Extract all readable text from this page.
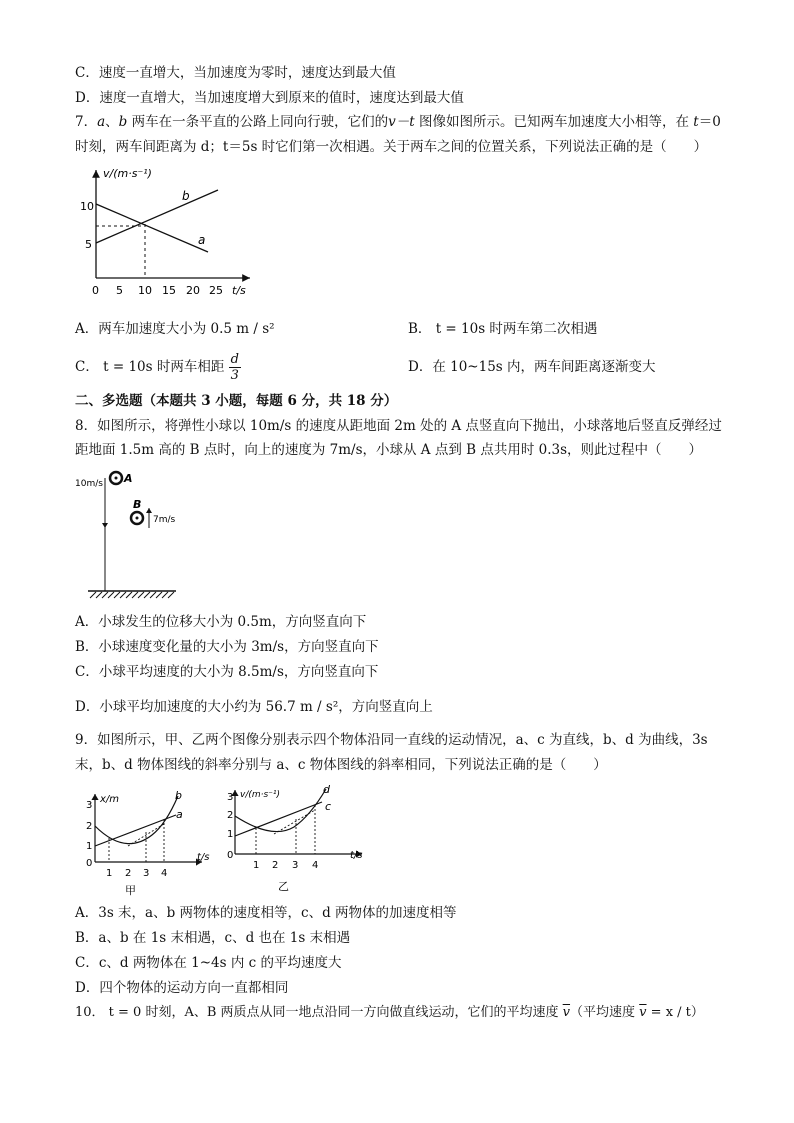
C．速度一直增大，当加速度为零时，速度达到最大值
D．速度一直增大，当加速度增大到原来的值时，速度达到最大值
7．a、b 两车在一条平直的公路上同向行驶，它们的v－t 图像如图所示。已知两车加速度大小相等，在 t＝0
时刻，两车间距离为 d；t＝5s 时它们第一次相遇。关于两车之间的位置关系，下列说法正确的是（　　）
v/(m·s⁻¹)
t/s
10
5
0 5 10 15 20 25
a
b
A．两车加速度大小为 0.5 m / s²	B． t = 10s 时两车第二次相遇
C． t = 10s 时两车相距 $\frac{d}{3}$	D．在 10~15s 内，两车间距离逐渐变大
二、多选题（本题共 3 小题，每题 6 分，共 18 分）
8．如图所示，将弹性小球以 10m/s 的速度从距地面 2m 处的 A 点竖直向下抛出，小球落地后竖直反弹经过
距地面 1.5m 高的 B 点时，向上的速度为 7m/s，小球从 A 点到 B 点共用时 0.3s，则此过程中（　　）
10m/s A
B
7m/s
A．小球发生的位移大小为 0.5m，方向竖直向下
B．小球速度变化量的大小为 3m/s，方向竖直向下
C．小球平均速度的大小为 8.5m/s，方向竖直向下
D．小球平均加速度的大小约为 56.7 m / s²，方向竖直向上
9．如图所示，甲、乙两个图像分别表示四个物体沿同一直线的运动情况，a、c 为直线，b、d 为曲线，3s
末，b、d 物体图线的斜率分别与 a、c 物体图线的斜率相同，下列说法正确的是（　　）
x/m
t/s
3
2
1
0
1 2 3 4
b
a
甲
v/(m·s⁻¹)
t/s
3
2
1
0
1 2 3 4
d
c
乙
A．3s 末，a、b 两物体的速度相等，c、d 两物体的加速度相等
B．a、b 在 1s 末相遇，c、d 也在 1s 末相遇
C．c、d 两物体在 1~4s 内 c 的平均速度大
D．四个物体的运动方向一直都相同
10． t = 0 时刻，A、B 两质点从同一地点沿同一方向做直线运动，它们的平均速度 $\overline{v}$（平均速度 $\overline{v} = x / t$）
